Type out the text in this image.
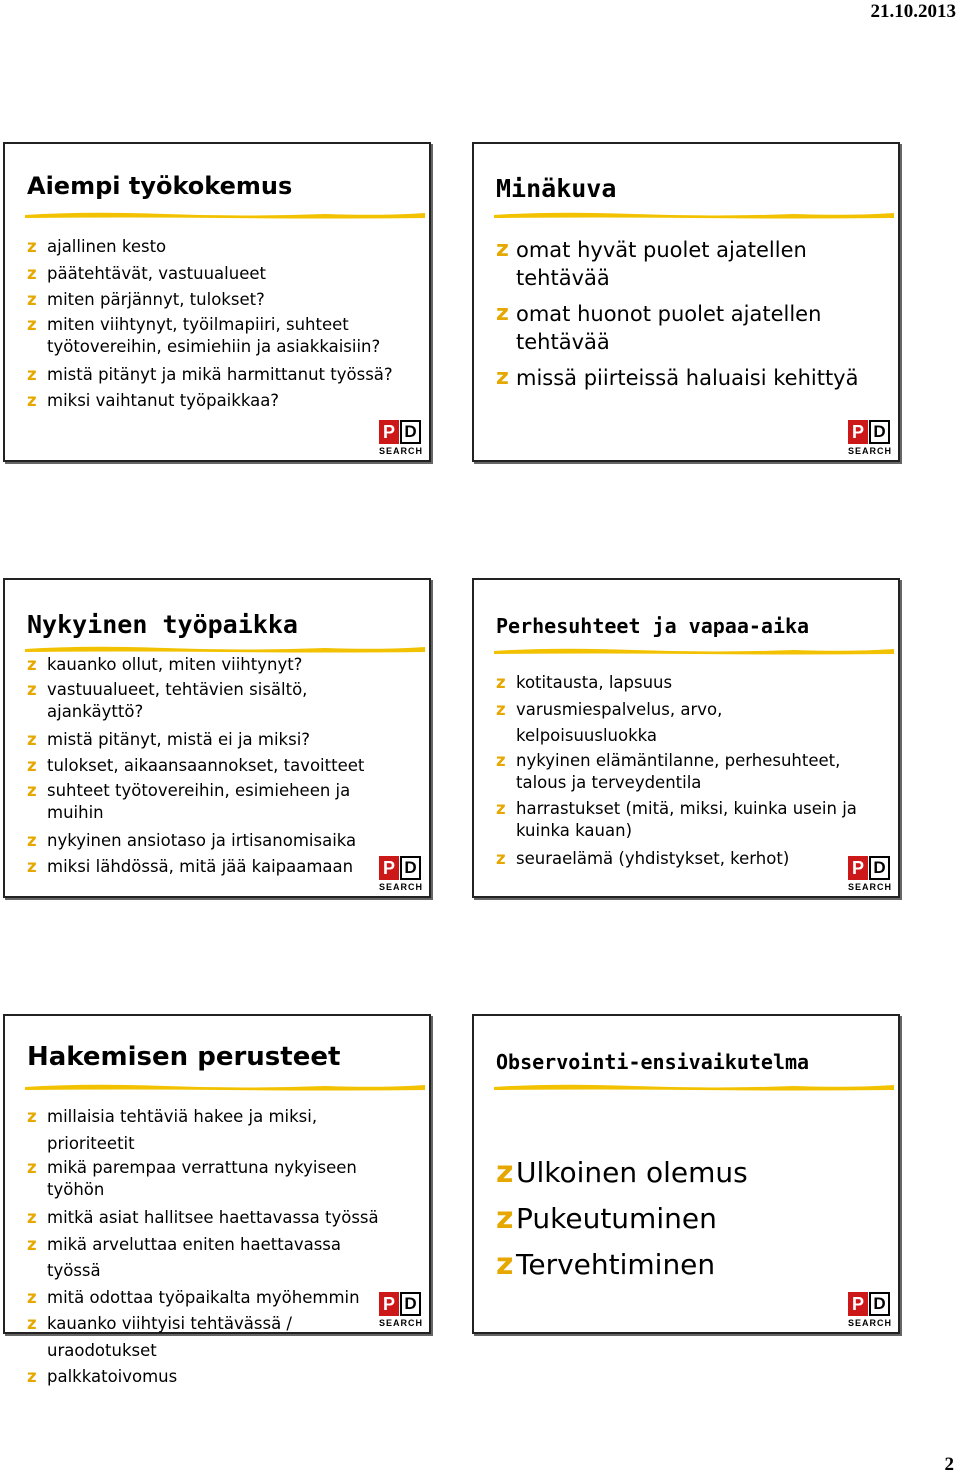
21.10.2013
Aiempi työkokemus
z ajallinen kesto
z päätehtävät, vastuualueet
z miten pärjännyt, tulokset?
z miten viihtynyt, työilmapiiri, suhteet työtovereihin, esimiehiin ja asiakkaisiin?
z mistä pitänyt ja mikä harmittanut työssä?
z miksi vaihtanut työpaikkaa?
P D
SEARCH
Minäkuva
z omat hyvät puolet ajatellen tehtävää
z omat huonot puolet ajatellen tehtävää
z missä piirteissä haluaisi kehittyä
P D
SEARCH
Nykyinen työpaikka
z kauanko ollut, miten viihtynyt?
z vastuualueet, tehtävien sisältö, ajankäyttö?
z mistä pitänyt, mistä ei ja miksi?
z tulokset, aikaansaannokset, tavoitteet
z suhteet työtovereihin, esimieheen ja muihin
z nykyinen ansiotaso ja irtisanomisaika
z miksi lähdössä, mitä jää kaipaamaan	P D
SEARCH
Perhesuhteet ja vapaa-aika
z kotitausta, lapsuus
z varusmiespalvelus, arvo, kelpoisuusluokka
z nykyinen elämäntilanne, perhesuhteet, talous ja terveydentila
z harrastukset (mitä, miksi, kuinka usein ja kuinka kauan)
z seuraelämä (yhdistykset, kerhot)	P D
SEARCH
Hakemisen perusteet
z millaisia tehtäviä hakee ja miksi, prioriteetit
z mikä parempaa verrattuna nykyiseen työhön
z mitkä asiat hallitsee haettavassa työssä
z mikä arveluttaa eniten haettavassa työssä
z mitä odottaa työpaikalta myöhemmin
z kauanko viihtyisi tehtävässä / uraodotukset
z palkkatoivomus
P D
SEARCH
Observointi-ensivaikutelma
z Ulkoinen olemus
z Pukeutuminen
z Tervehtiminen
P D
SEARCH
2
